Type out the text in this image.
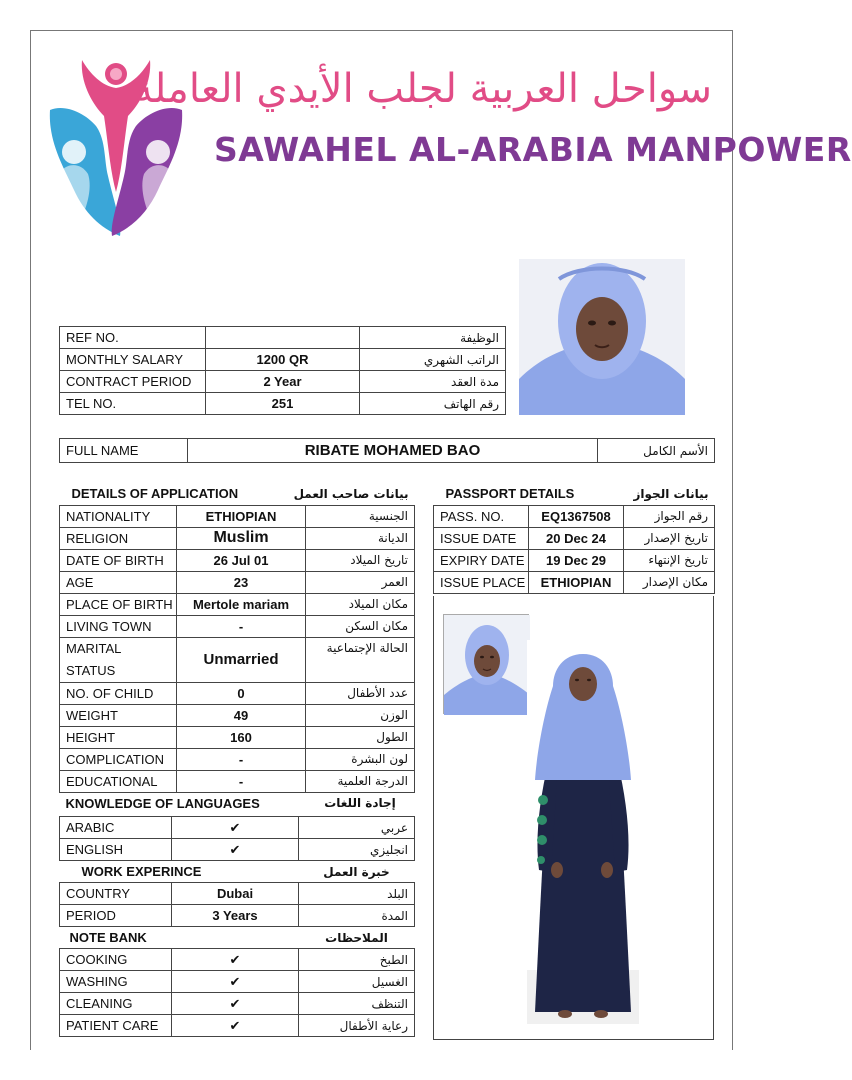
سواحل العربية لجلب الأيدي العاملة
SAWAHEL AL-ARABIA MANPOWER
REF NO.		الوظيفة
MONTHLY SALARY	1200 QR	الراتب الشهري
CONTRACT PERIOD	2 Year	مدة العقد
TEL NO.	251	رقم الهاتف
FULL NAME	RIBATE MOHAMED BAO	الأسم الكامل
DETAILS OF APPLICATION		بيانات صاحب العمل
NATIONALITY	ETHIOPIAN	الجنسية
RELIGION	Muslim	الديانة
DATE OF BIRTH	26 Jul 01	تاريخ الميلاد
AGE	23	العمر
PLACE OF BIRTH	Mertole mariam	مكان الميلاد
LIVING TOWN	-	مكان السكن
MARITAL STATUS	Unmarried	الحالة الإجتماعية
NO. OF CHILD	0	عدد الأطفال
WEIGHT	49	الوزن
HEIGHT	160	الطول
COMPLICATION	-	لون البشرة
EDUCATIONAL	-	الدرجة العلمية
KNOWLEDGE OF LANGUAGES		إجادة اللغات
ARABIC	✔	عربي
ENGLISH	✔	انجليزي
WORK EXPERINCE		خبرة العمل
COUNTRY	Dubai	البلد
PERIOD	3 Years	المدة
NOTE BANK		الملاحظات
COOKING	✔	الطبخ
WASHING	✔	الغسيل
CLEANING	✔	التنظف
PATIENT CARE	✔	رعاية الأطفال
PASSPORT DETAILS		بيانات الجواز
PASS. NO.	EQ1367508	رقم الجواز
ISSUE DATE	20 Dec 24	تاريخ الإصدار
EXPIRY DATE	19 Dec 29	تاريخ الإنتهاء
ISSUE PLACE	ETHIOPIAN	مكان الإصدار
